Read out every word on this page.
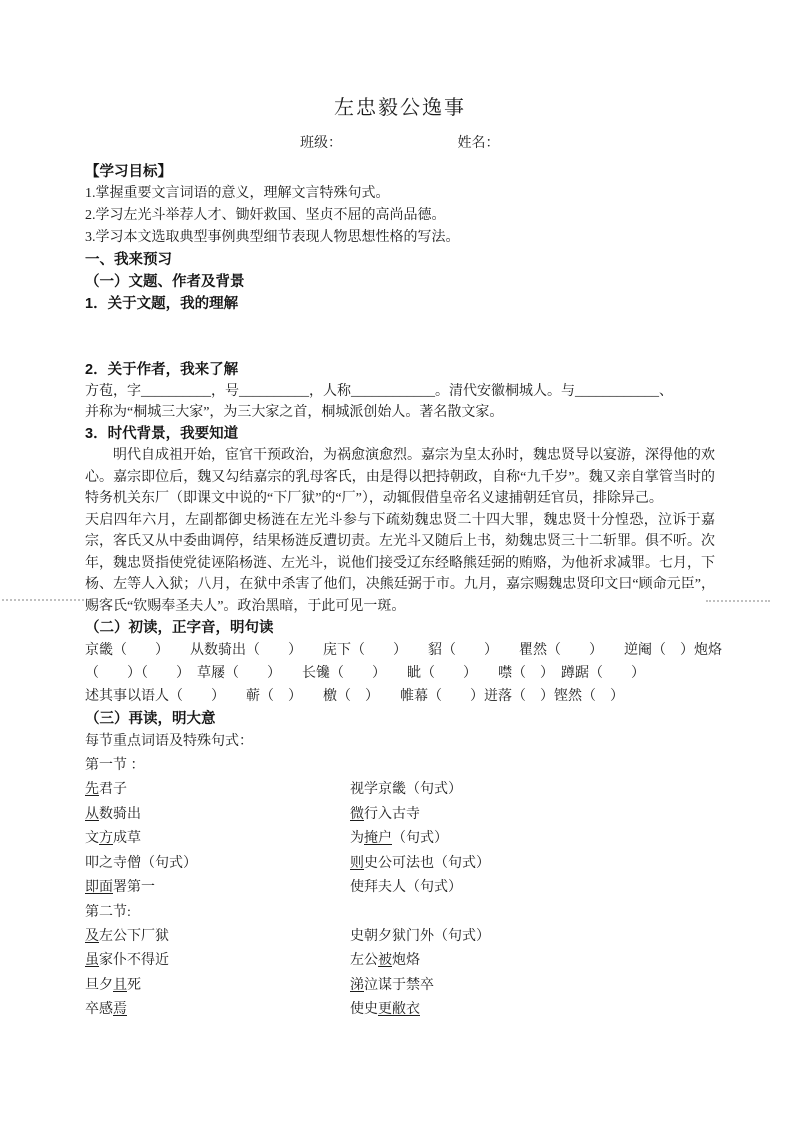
左忠毅公逸事
班级：	姓名：

【学习目标】

1.掌握重要文言词语的意义，理解文言特殊句式。
2.学习左光斗举荐人才、锄奸救国、坚贞不屈的高尚品德。
3.学习本文选取典型事例典型细节表现人物思想性格的写法。

一、我来预习

（一）文题、作者及背景

1．关于文题，我的理解

2．关于作者，我来了解

方苞，字__________，号__________，人称____________。清代安徽桐城人。与____________、

并称为“桐城三大家”，为三大家之首，桐城派创始人。著名散文家。

3．时代背景，我要知道

明代自成祖开始，宦官干预政治，为祸愈演愈烈。嘉宗为皇太孙时，魏忠贤导以宴游，深得他的欢心。嘉宗即位后，魏又勾结嘉宗的乳母客氏，由是得以把持朝政，自称“九千岁”。魏又亲自掌管当时的特务机关东厂（即课文中说的“下厂狱”的“厂”），动辄假借皇帝名义逮捕朝廷官员，排除异己。

天启四年六月，左副都御史杨涟在左光斗参与下疏劾魏忠贤二十四大罪，魏忠贤十分惶恐，泣诉于嘉宗，客氏又从中委曲调停，结果杨涟反遭切责。左光斗又随后上书，劾魏忠贤三十二斩罪。俱不听。次年，魏忠贤指使党徒诬陷杨涟、左光斗，说他们接受辽东经略熊廷弼的贿赂，为他祈求减罪。七月，下杨、左等人入狱；八月，在狱中杀害了他们，决熊廷弼于市。九月，嘉宗赐魏忠贤印文曰“顾命元臣”，赐客氏“钦赐奉圣夫人”。政治黑暗，于此可见一斑。

（二）初读，正字音，明句读

京畿（　　）　　从数骑出（　　）　　庑下（　　）　　貂（　　）　　瞿然（　　）　　逆阉（　）炮烙
（　　）（　　）　草屦（　　）　　长镵（　　）　　眦（　　）　　噤（　）　蹲踞（　　）
述其事以语人（　　）　　蕲（　）　　檄（　）　　帷幕（　　）迸落（　）铿然（　）

（三）再读，明大意

每节重点词语及特殊句式：
第一节 ：
先君子	视学京畿（句式）
从数骑出	微行入古寺
文方成草	为掩户（句式）
叩之寺僧（句式）	则史公可法也（句式）
即面署第一	使拜夫人（句式）
第二节:
及左公下厂狱	史朝夕狱门外（句式）
虽家仆不得近	左公被炮烙
旦夕且死	涕泣谋于禁卒
卒感焉	使史更敝衣
